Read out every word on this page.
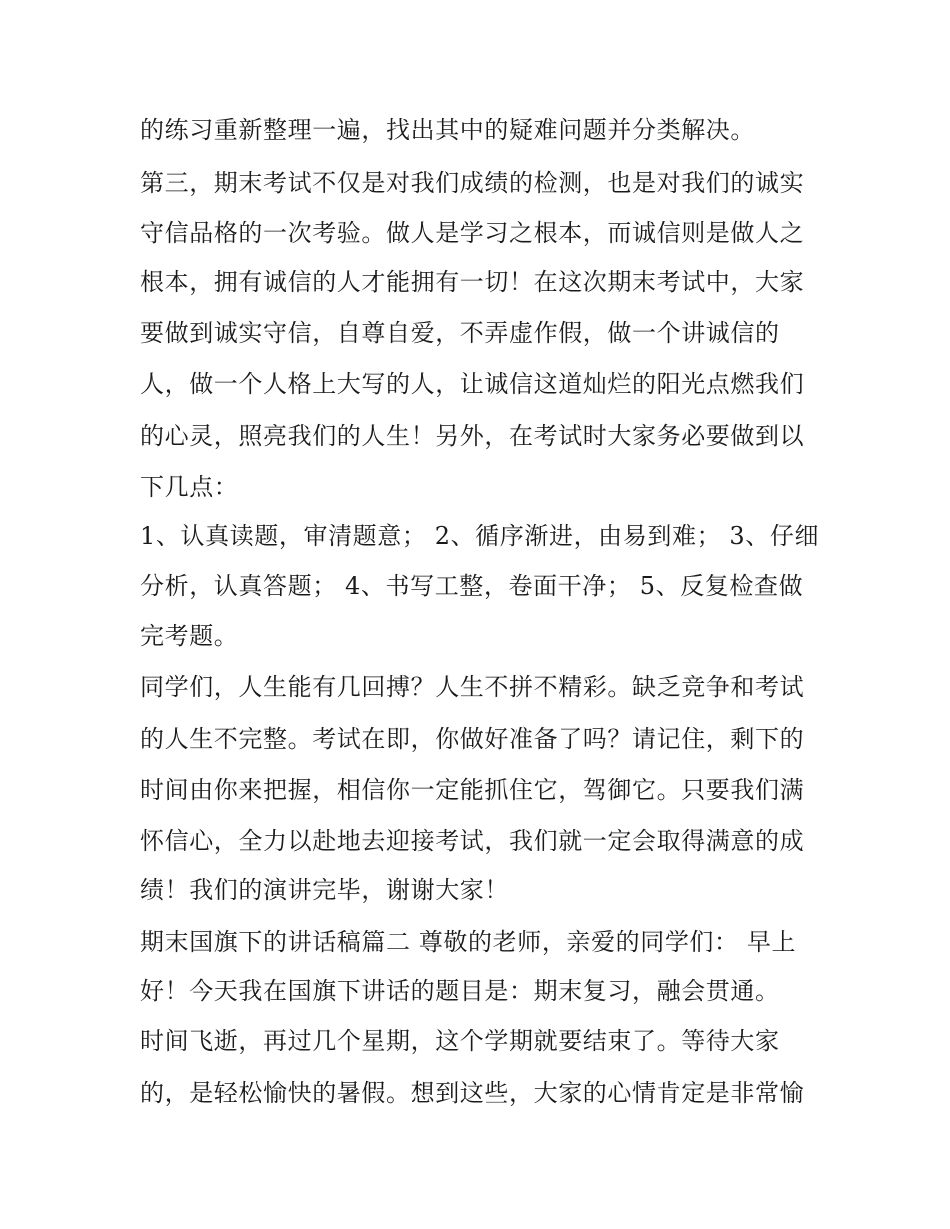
的练习重新整理一遍，找出其中的疑难问题并分类解决。
第三，期末考试不仅是对我们成绩的检测，也是对我们的诚实
守信品格的一次考验。做人是学习之根本，而诚信则是做人之
根本，拥有诚信的人才能拥有一切！在这次期末考试中，大家
要做到诚实守信，自尊自爱，不弄虚作假，做一个讲诚信的
人，做一个人格上大写的人，让诚信这道灿烂的阳光点燃我们
的心灵，照亮我们的人生！另外，在考试时大家务必要做到以
下几点：
1、认真读题，审清题意； 2、循序渐进，由易到难； 3、仔细
分析，认真答题； 4、书写工整，卷面干净； 5、反复检查做
完考题。
同学们，人生能有几回搏？人生不拼不精彩。缺乏竞争和考试
的人生不完整。考试在即，你做好准备了吗？请记住，剩下的
时间由你来把握，相信你一定能抓住它，驾御它。只要我们满
怀信心，全力以赴地去迎接考试，我们就一定会取得满意的成
绩！我们的演讲完毕，谢谢大家！
期末国旗下的讲话稿篇二 尊敬的老师，亲爱的同学们： 早上
好！今天我在国旗下讲话的题目是：期末复习，融会贯通。
时间飞逝，再过几个星期，这个学期就要结束了。等待大家
的，是轻松愉快的暑假。想到这些，大家的心情肯定是非常愉
